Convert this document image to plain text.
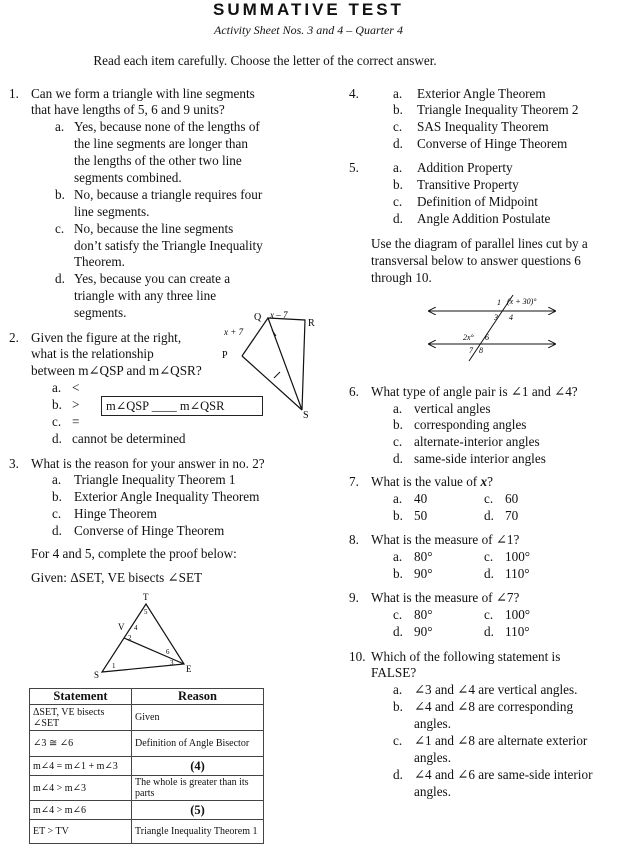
SUMMATIVE TEST
Activity Sheet Nos. 3 and 4 – Quarter 4
Read each item carefully. Choose the letter of the correct answer.
1. Can we form a triangle with line segments
that have lengths of 5, 6 and 9 units?
a. Yes, because none of the lengths of
the line segments are longer than
the lengths of the other two line
segments combined.
b. No, because a triangle requires four
line segments.
c. No, because the line segments
don’t satisfy the Triangle Inequality
Theorem.
d. Yes, because you can create a
triangle with any three line
segments.
2. Given the figure at the right,
what is the relationship
between m∠QSP and m∠QSR?
a. <
b. >
c. =
d. cannot be determined
m∠QSP ____ m∠QSR
Q
R
P
S
x – 7
x + 7
3. What is the reason for your answer in no. 2?
a. Triangle Inequality Theorem 1
b. Exterior Angle Inequality Theorem
c. Hinge Theorem
d. Converse of Hinge Theorem
For 4 and 5, complete the proof below:
Given: ΔSET, VE bisects ∠SET
T
V
S
E
1
4
2
5
6
3
Statement	Reason
ΔSET, VE bisects ∠SET	Given
∠3 ≅ ∠6	Definition of Angle Bisector
m∠4 = m∠1 + m∠3	(4)
m∠4 > m∠3	The whole is greater than its parts
m∠4 > m∠6	(5)
ET > TV	Triangle Inequality Theorem 1
4.	a. Exterior Angle Theorem
b. Triangle Inequality Theorem 2
c. SAS Inequality Theorem
d. Converse of Hinge Theorem
5.	a. Addition Property
b. Transitive Property
c. Definition of Midpoint
d. Angle Addition Postulate
Use the diagram of parallel lines cut by a
transversal below to answer questions 6
through 10.
1
3 4
(x + 30)°
2x° 6
7 8
6. What type of angle pair is ∠1 and ∠4?
a. vertical angles
b. corresponding angles
c. alternate-interior angles
d. same-side interior angles
7. What is the value of x?
a. 40	c. 60
b. 50	d. 70
8. What is the measure of ∠1?
a. 80°	c. 100°
b. 90°	d. 110°
9. What is the measure of ∠7?
c. 80°	c. 100°
d. 90°	d. 110°
10. Which of the following statement is
FALSE?
a. ∠3 and ∠4 are vertical angles.
b. ∠4 and ∠8 are corresponding
angles.
c. ∠1 and ∠8 are alternate exterior
angles.
d. ∠4 and ∠6 are same-side interior
angles.
